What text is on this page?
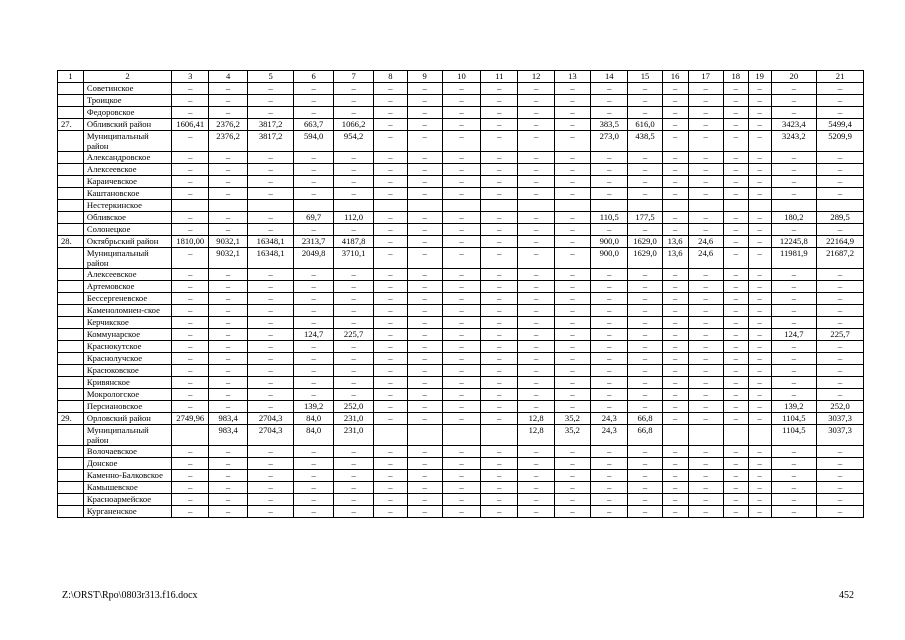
1	2	3	4	5	6	7	8	9	10	11	12	13	14	15	16	17	18	19	20	21
	Советинское	–	–	–	–	–	–	–	–	–	–	–	–	–	–	–	–	–	–	–
	Троицкое	–	–	–	–	–	–	–	–	–	–	–	–	–	–	–	–	–	–	–
	Федоровское	–	–	–	–	–	–	–	–	–	–	–	–	–	–	–	–	–	–	–
27.	Обливский район	1606,41	2376,2	3817,2	663,7	1066,2	–	–	–	–	–	–	383,5	616,0	–	–	–	–	3423,4	5499,4
	Муниципальный район	–	2376,2	3817,2	594,0	954,2	–	–	–	–	–	–	273,0	438,5	–	–	–	–	3243,2	5209,9
	Александровское	–	–	–	–	–	–	–	–	–	–	–	–	–	–	–	–	–	–	–
	Алексеевское	–	–	–	–	–	–	–	–	–	–	–	–	–	–	–	–	–	–	–
	Караичевское	–	–	–	–	–	–	–	–	–	–	–	–	–	–	–	–	–	–	–
	Каштановское	–	–	–	–	–	–	–	–	–	–	–	–	–	–	–	–	–	–	–
	Нестеркинское																			
	Обливское	–	–	–	69,7	112,0	–	–	–	–	–	–	110,5	177,5	–	–	–	–	180,2	289,5
	Солонецкое	–	–	–	–	–	–	–	–	–	–	–	–	–	–	–	–	–	–	–
28.	Октябрьский район	1810,00	9032,1	16348,1	2313,7	4187,8	–	–	–	–	–	–	900,0	1629,0	13,6	24,6	–	–	12245,8	22164,9
	Муниципальный район	–	9032,1	16348,1	2049,8	3710,1	–	–	–	–	–	–	900,0	1629,0	13,6	24,6	–	–	11981,9	21687,2
	Алексеевское	–	–	–	–	–	–	–	–	–	–	–	–	–	–	–	–	–	–	–
	Артемовское	–	–	–	–	–	–	–	–	–	–	–	–	–	–	–	–	–	–	–
	Бессергеневское	–	–	–	–	–	–	–	–	–	–	–	–	–	–	–	–	–	–	–
	Каменоломнен-ское	–	–	–	–	–	–	–	–	–	–	–	–	–	–	–	–	–	–	–
	Керчикское	–	–	–	–	–	–	–	–	–	–	–	–	–	–	–	–	–	–	–
	Коммунарское	–	–	–	124,7	225,7	–	–	–	–	–	–	–	–	–	–	–	–	124,7	225,7
	Краснокутское	–	–	–	–	–	–	–	–	–	–	–	–	–	–	–	–	–	–	–
	Краснолучское	–	–	–	–	–	–	–	–	–	–	–	–	–	–	–	–	–	–	–
	Красюковское	–	–	–	–	–	–	–	–	–	–	–	–	–	–	–	–	–	–	–
	Кривянское	–	–	–	–	–	–	–	–	–	–	–	–	–	–	–	–	–	–	–
	Мокрологское	–	–	–	–	–	–	–	–	–	–	–	–	–	–	–	–	–	–	–
	Персиановское	–	–	–	139,2	252,0	–	–	–	–	–	–	–	–	–	–	–	–	139,2	252,0
29.	Орловский район	2749,96	983,4	2704,3	84,0	231,0	–	–	–	–	12,8	35,2	24,3	66,8	–	–	–	–	1104,5	3037,3
	Муниципальный район		983,4	2704,3	84,0	231,0					12,8	35,2	24,3	66,8					1104,5	3037,3
	Волочаевское	–	–	–	–	–	–	–	–	–	–	–	–	–	–	–	–	–	–	–
	Донское	–	–	–	–	–	–	–	–	–	–	–	–	–	–	–	–	–	–	–
	Каменно-Балковское	–	–	–	–	–	–	–	–	–	–	–	–	–	–	–	–	–	–	–
	Камышевское	–	–	–	–	–	–	–	–	–	–	–	–	–	–	–	–	–	–	–
	Красноармейское	–	–	–	–	–	–	–	–	–	–	–	–	–	–	–	–	–	–	–
	Курганенское	–	–	–	–	–	–	–	–	–	–	–	–	–	–	–	–	–	–	–
Z:\ORST\Rpo\0803r313.f16.docx	452
